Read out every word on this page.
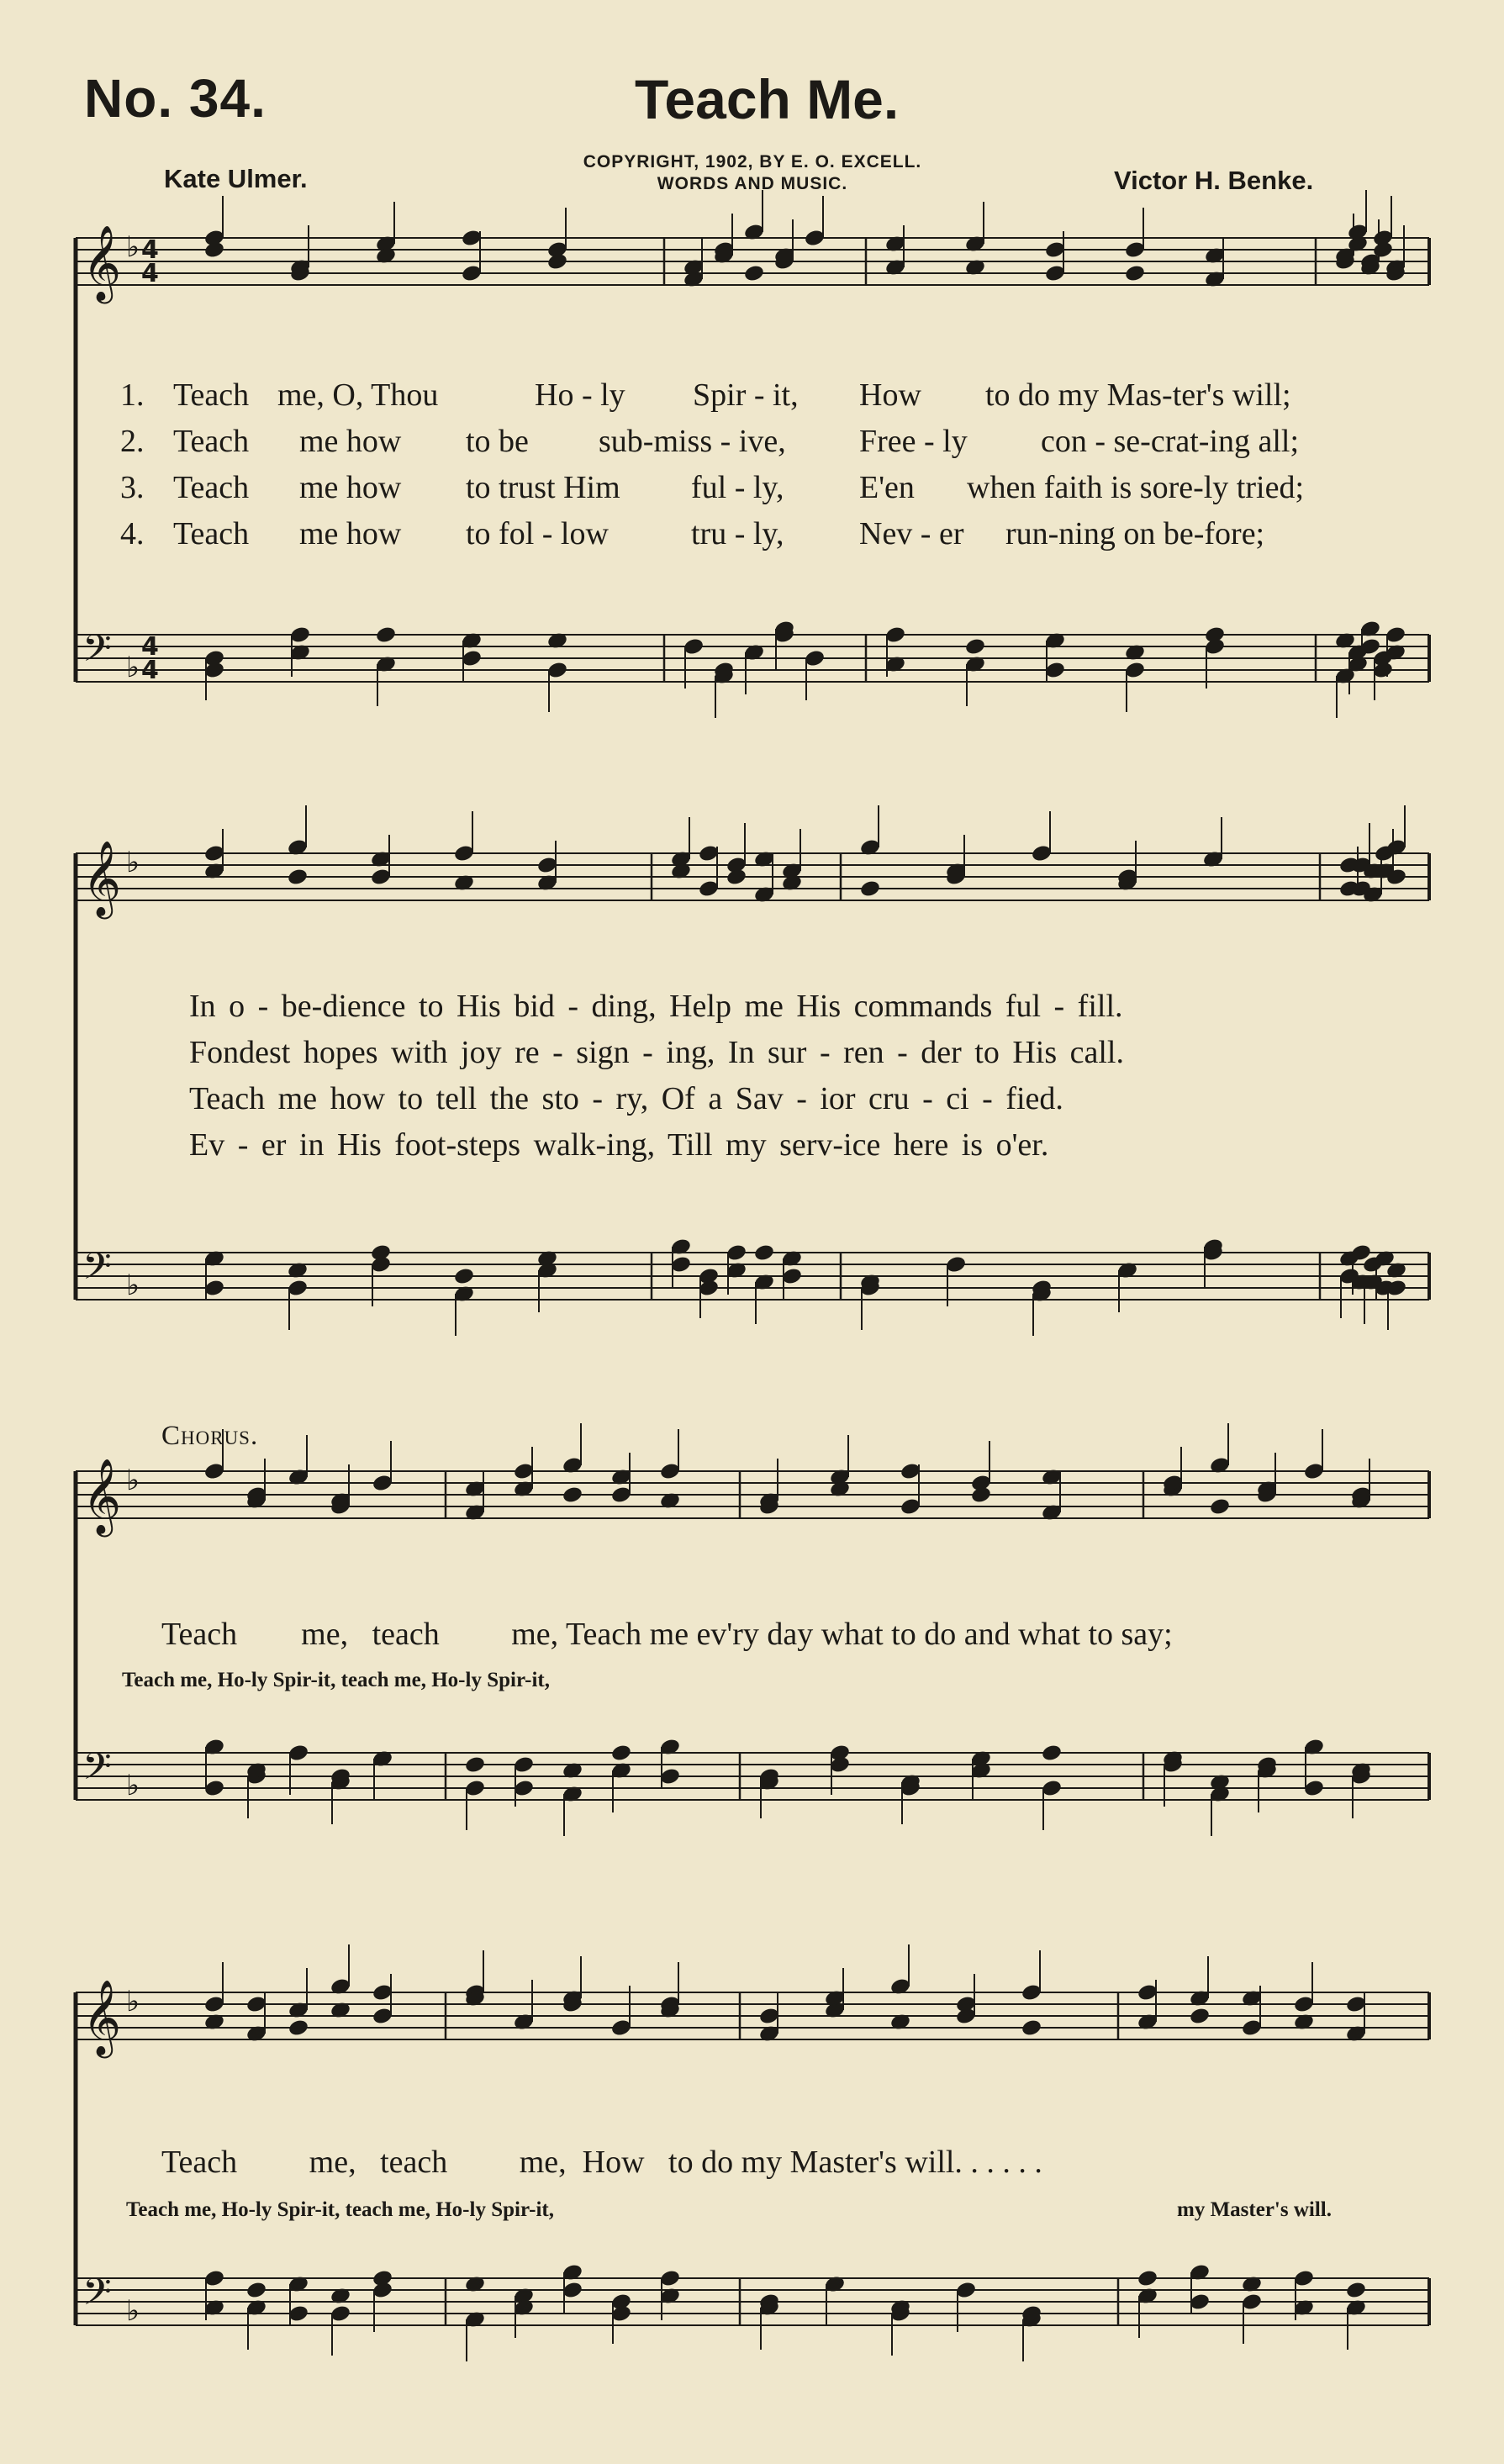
No. 34.	Teach Me.
COPYRIGHT, 1902, BY E. O. EXCELL.
WORDS AND MUSIC.
Kate Ulmer.	Victor H. Benke.
𝄞 ♭
𝄢 ♭
4
4
4
4
𝄞 ♭
𝄢 ♭
𝄞 ♭
𝄢 ♭
𝄞 ♭
𝄢 ♭
1. Teach me, O, Thou	Ho - ly Spir - it, How to do my Mas-ter's will;
2. Teach me how to be sub-miss - ive, Free - ly con - se-crat-ing all;
3. Teach me how to trust Him ful - ly, E'en when faith is sore-ly tried;
4. Teach me how to fol - low	tru - ly, Nev - er run-ning on be-fore;
In o - be-dience to His bid - ding, Help me His commands ful - fill.
Fondest hopes with joy re - sign - ing, In sur - ren - der to His call.
Teach me how to tell the sto - ry, Of a Sav - ior cru - ci - fied.
Ev - er in His foot-steps walk-ing, Till my serv-ice here is o'er.
Chorus.
Teach        me,   teach         me, Teach me ev'ry day what to do and what to say;
Teach me, Ho-ly Spir-it, teach me, Ho-ly Spir-it,
Teach         me,   teach         me,  How   to do my Master's will. . . . . .
Teach me, Ho-ly Spir-it, teach me, Ho-ly Spir-it,	my Master's will.
